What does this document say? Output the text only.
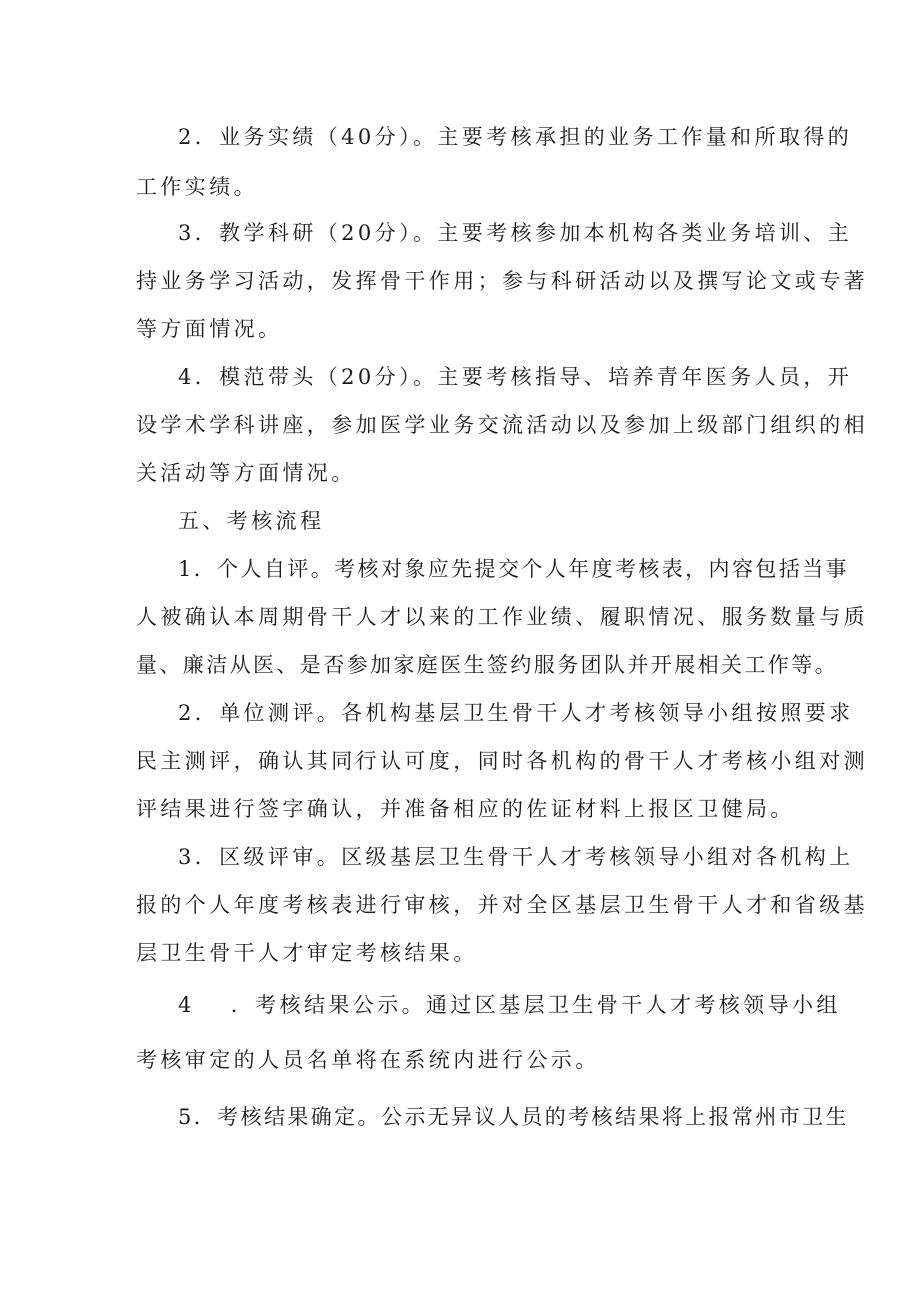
2．业务实绩（40分）。主要考核承担的业务工作量和所取得的
工作实绩。
3．教学科研（20分）。主要考核参加本机构各类业务培训、主
持业务学习活动，发挥骨干作用；参与科研活动以及撰写论文或专著
等方面情况。
4．模范带头（20分）。主要考核指导、培养青年医务人员，开
设学术学科讲座，参加医学业务交流活动以及参加上级部门组织的相
关活动等方面情况。
五、考核流程
1．个人自评。考核对象应先提交个人年度考核表，内容包括当事
人被确认本周期骨干人才以来的工作业绩、履职情况、服务数量与质
量、廉洁从医、是否参加家庭医生签约服务团队并开展相关工作等。
2．单位测评。各机构基层卫生骨干人才考核领导小组按照要求
民主测评，确认其同行认可度，同时各机构的骨干人才考核小组对测
评结果进行签字确认，并准备相应的佐证材料上报区卫健局。
3．区级评审。区级基层卫生骨干人才考核领导小组对各机构上
报的个人年度考核表进行审核，并对全区基层卫生骨干人才和省级基
层卫生骨干人才审定考核结果。
4 ．考核结果公示。通过区基层卫生骨干人才考核领导小组
考核审定的人员名单将在系统内进行公示。
5．考核结果确定。公示无异议人员的考核结果将上报常州市卫生
